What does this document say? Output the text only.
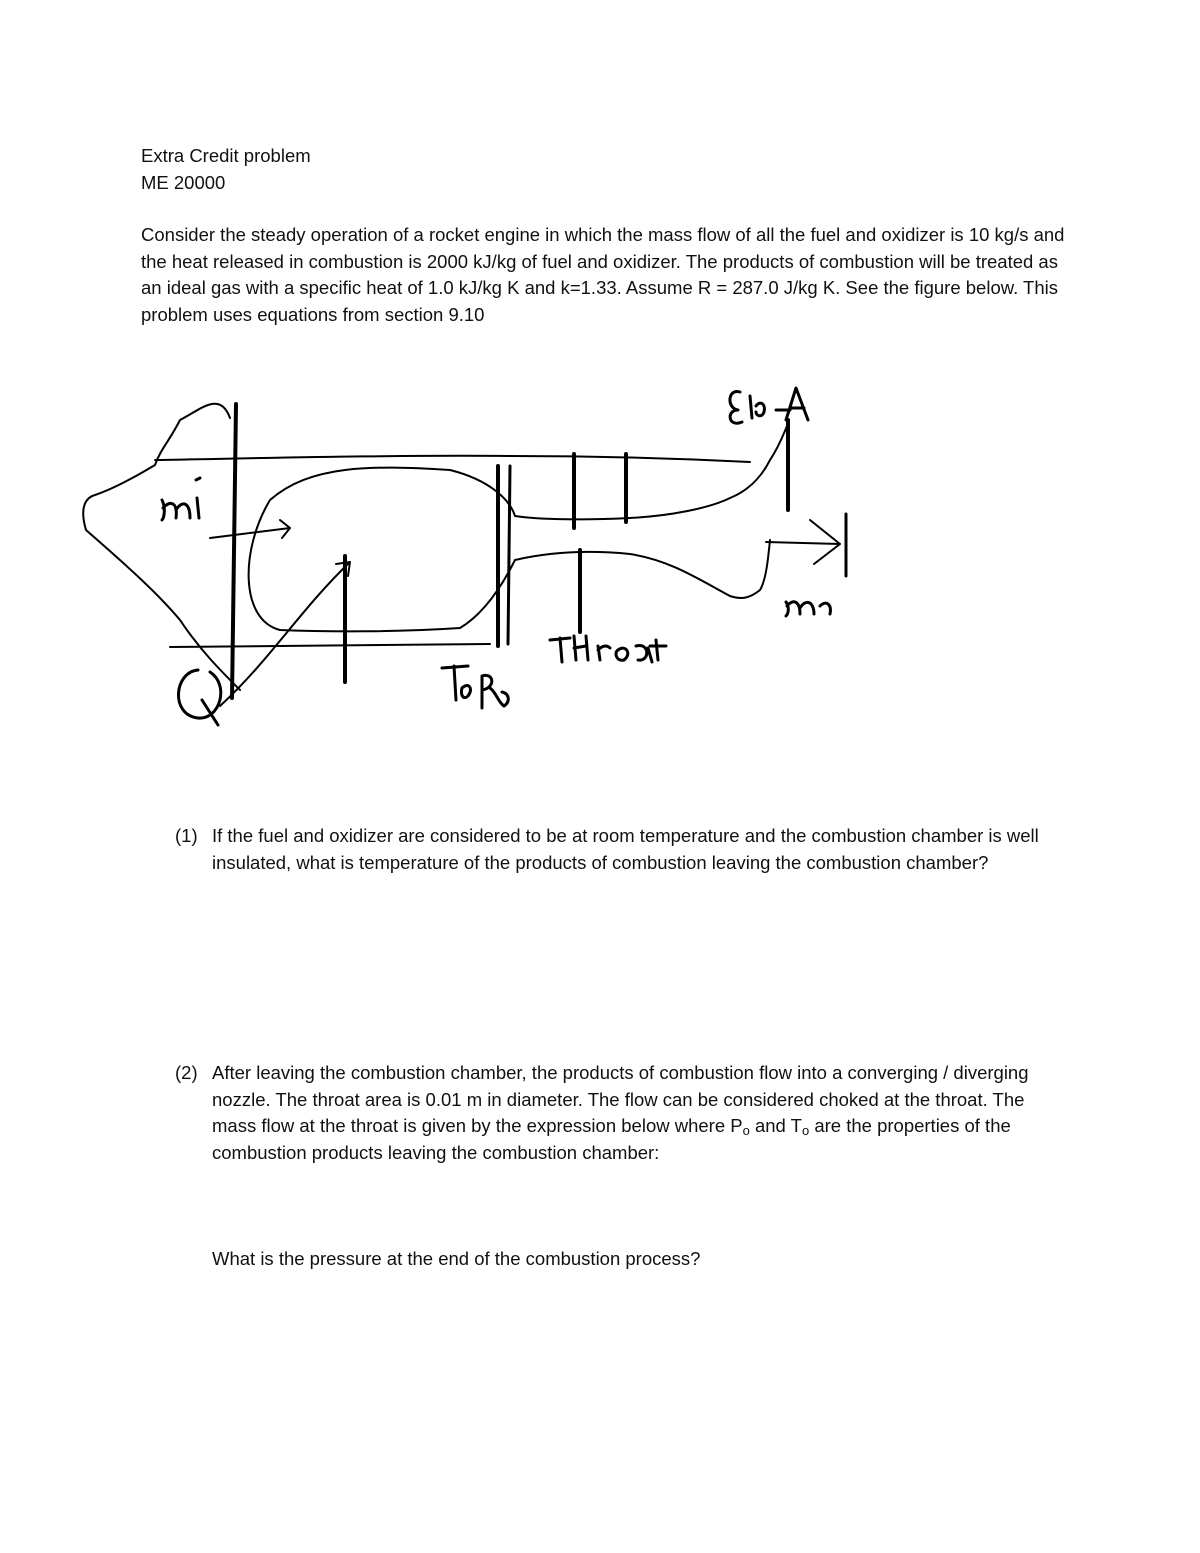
Extra Credit problem
ME 20000
Consider the steady operation of a rocket engine in which the mass flow of all the fuel and oxidizer is 10 kg/s and the heat released in combustion is 2000 kJ/kg of fuel and oxidizer. The products of combustion will be treated as an ideal gas with a specific heat of 1.0 kJ/kg K and k=1.33. Assume R = 287.0 J/kg K. See the figure below. This problem uses equations from section 9.10
(1) If the fuel and oxidizer are considered to be at room temperature and the combustion chamber is well insulated, what is temperature of the products of combustion leaving the combustion chamber?
(2) After leaving the combustion chamber, the products of combustion flow into a converging / diverging nozzle. The throat area is 0.01 m in diameter. The flow can be considered choked at the throat. The mass flow at the throat is given by the expression below where $P_o$ and $T_o$ are the properties of the combustion products leaving the combustion chamber:
What is the pressure at the end of the combustion process?
